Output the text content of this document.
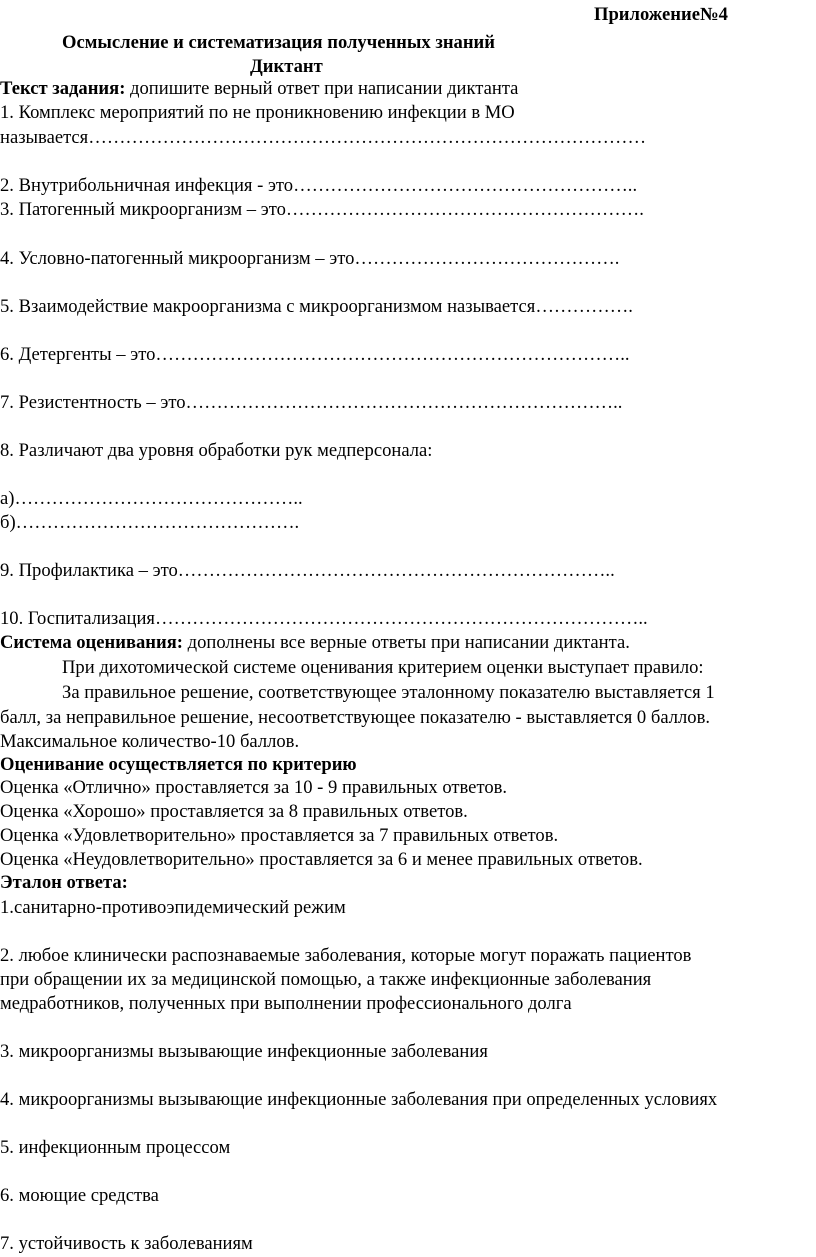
Приложение№4
Осмысление и систематизация полученных знаний
Диктант
Текст задания: допишите верный ответ при написании диктанта
1. Комплекс мероприятий по не проникновению инфекции в МО
называется………………………………………………………………………………
2. Внутрибольничная инфекция - это………………………………………………..
3. Патогенный микроорганизм – это………………………………………………….
4. Условно-патогенный микроорганизм – это…………………………………….
5. Взаимодействие макроорганизма с микроорганизмом называется…………….
6. Детергенты – это…………………………………………………………………..
7. Резистентность – это……………………………………………………………..
8. Различают два уровня обработки рук медперсонала:
а)………………………………………..
б)……………………………………….
9. Профилактика – это……………………………………………………………..
10. Госпитализация……………………………………………………………………..
Система оценивания: дополнены все верные ответы при написании диктанта.
При дихотомической системе оценивания критерием оценки выступает правило:
За правильное решение, соответствующее эталонному показателю выставляется 1
балл, за неправильное решение, несоответствующее показателю - выставляется 0 баллов.
Максимальное количество-10 баллов.
Оценивание осуществляется по критерию
Оценка «Отлично» проставляется за 10 - 9 правильных ответов.
Оценка «Хорошо» проставляется за 8 правильных ответов.
Оценка «Удовлетворительно» проставляется за 7 правильных ответов.
Оценка «Неудовлетворительно» проставляется за 6 и менее правильных ответов.
Эталон ответа:
1.санитарно-противоэпидемический режим
2. любое клинически распознаваемые заболевания, которые могут поражать пациентов
при обращении их за медицинской помощью, а также инфекционные заболевания
медработников, полученных при выполнении профессионального долга
3. микроорганизмы вызывающие инфекционные заболевания
4. микроорганизмы вызывающие инфекционные заболевания при определенных условиях
5. инфекционным процессом
6. моющие средства
7. устойчивость к заболеваниям
